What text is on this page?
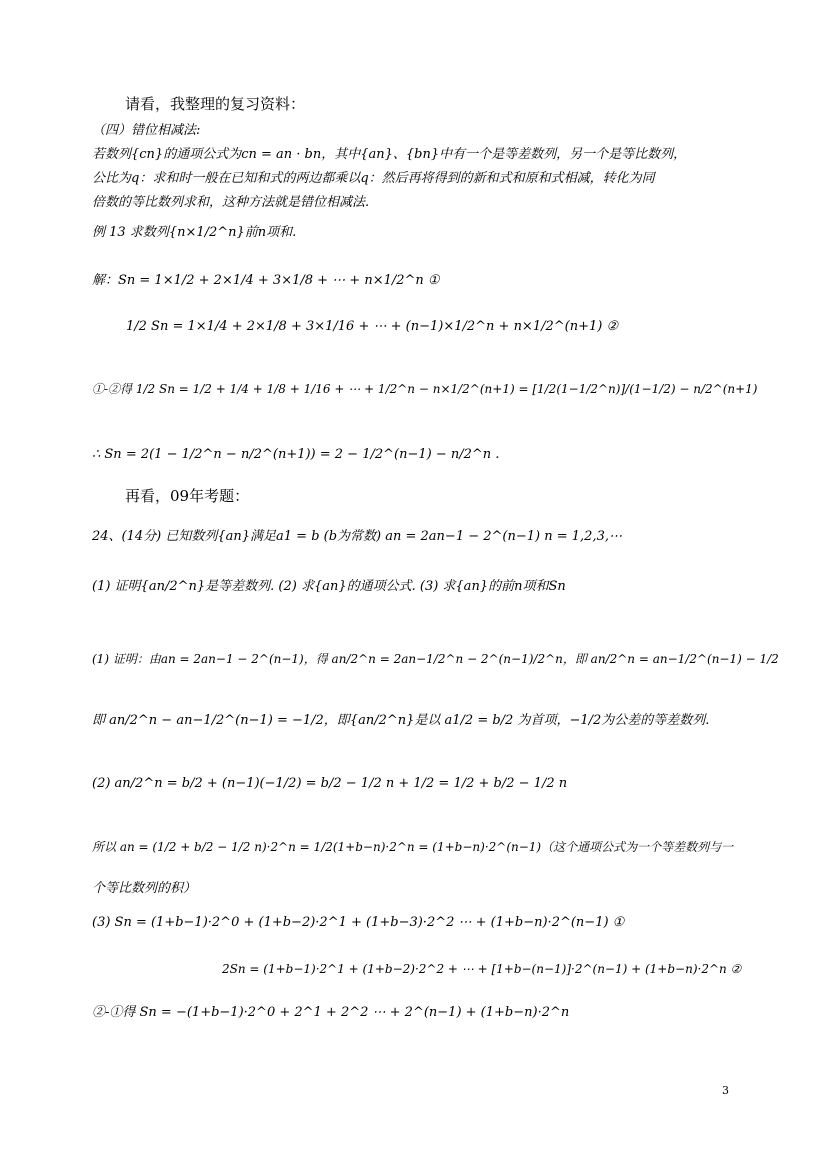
请看，我整理的复习资料：
（四）错位相减法:
若数列{cn}的通项公式为cn = an · bn，其中{an}、{bn}中有一个是等差数列，另一个是等比数列，
公比为q：求和时一般在已知和式的两边都乘以q：然后再将得到的新和式和原和式相减，转化为同
倍数的等比数列求和，这种方法就是错位相减法.
例 13 求数列{n×1/2^n}前n项和.
解：Sn = 1×1/2 + 2×1/4 + 3×1/8 + ⋯ + n×1/2^n ①
1/2 Sn = 1×1/4 + 2×1/8 + 3×1/16 + ⋯ + (n−1)×1/2^n + n×1/2^(n+1) ②
①-②得 1/2 Sn = 1/2 + 1/4 + 1/8 + 1/16 + ⋯ + 1/2^n − n×1/2^(n+1) = [1/2(1−1/2^n)]/(1−1/2) − n/2^(n+1)
∴ Sn = 2(1 − 1/2^n − n/2^(n+1)) = 2 − 1/2^(n−1) − n/2^n .
再看，09年考题：
24、(14分) 已知数列{an}满足a1 = b (b为常数) an = 2an−1 − 2^(n−1) n = 1,2,3,⋯
(1) 证明{an/2^n}是等差数列. (2) 求{an}的通项公式. (3) 求{an}的前n项和Sn
(1) 证明：由an = 2an−1 − 2^(n−1)，得 an/2^n = 2an−1/2^n − 2^(n−1)/2^n，即 an/2^n = an−1/2^(n−1) − 1/2
即 an/2^n − an−1/2^(n−1) = −1/2，即{an/2^n}是以 a1/2 = b/2 为首项，−1/2为公差的等差数列.
(2) an/2^n = b/2 + (n−1)(−1/2) = b/2 − 1/2 n + 1/2 = 1/2 + b/2 − 1/2 n
所以 an = (1/2 + b/2 − 1/2 n)·2^n = 1/2(1+b−n)·2^n = (1+b−n)·2^(n−1)（这个通项公式为一个等差数列与一
个等比数列的积）
(3) Sn = (1+b−1)·2^0 + (1+b−2)·2^1 + (1+b−3)·2^2 ⋯ + (1+b−n)·2^(n−1) ①
2Sn = (1+b−1)·2^1 + (1+b−2)·2^2 + ⋯ + [1+b−(n−1)]·2^(n−1) + (1+b−n)·2^n ②
②-①得 Sn = −(1+b−1)·2^0 + 2^1 + 2^2 ⋯ + 2^(n−1) + (1+b−n)·2^n
3
